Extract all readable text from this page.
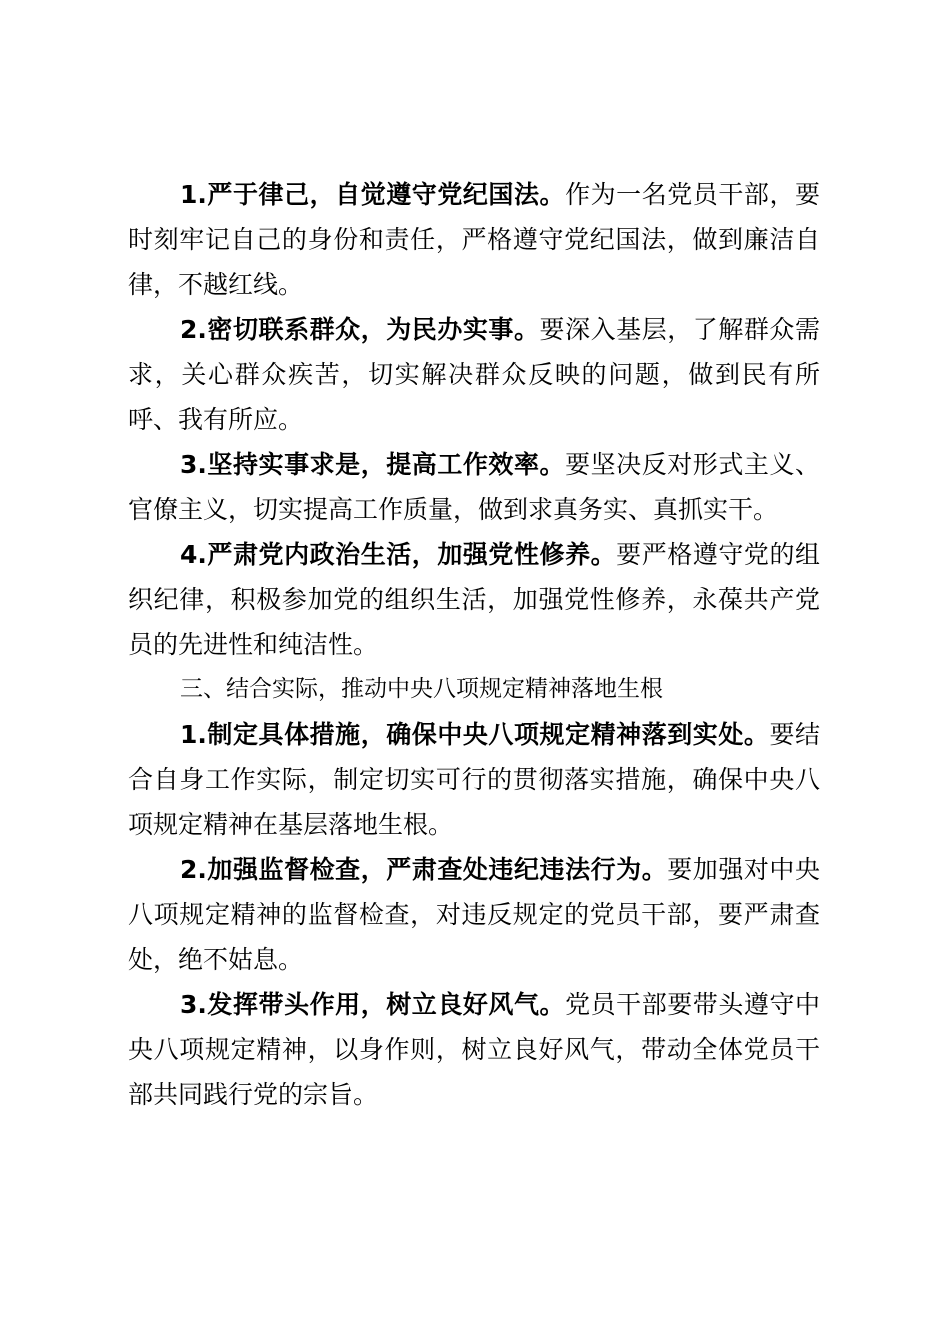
1.严于律己，自觉遵守党纪国法。作为一名党员干部，要时刻牢记自己的身份和责任，严格遵守党纪国法，做到廉洁自律，不越红线。

2.密切联系群众，为民办实事。要深入基层，了解群众需求，关心群众疾苦，切实解决群众反映的问题，做到民有所呼、我有所应。

3.坚持实事求是，提高工作效率。要坚决反对形式主义、官僚主义，切实提高工作质量，做到求真务实、真抓实干。

4.严肃党内政治生活，加强党性修养。要严格遵守党的组织纪律，积极参加党的组织生活，加强党性修养，永葆共产党员的先进性和纯洁性。

三、结合实际，推动中央八项规定精神落地生根

1.制定具体措施，确保中央八项规定精神落到实处。要结合自身工作实际，制定切实可行的贯彻落实措施，确保中央八项规定精神在基层落地生根。

2.加强监督检查，严肃查处违纪违法行为。要加强对中央八项规定精神的监督检查，对违反规定的党员干部，要严肃查处，绝不姑息。

3.发挥带头作用，树立良好风气。党员干部要带头遵守中央八项规定精神，以身作则，树立良好风气，带动全体党员干部共同践行党的宗旨。
